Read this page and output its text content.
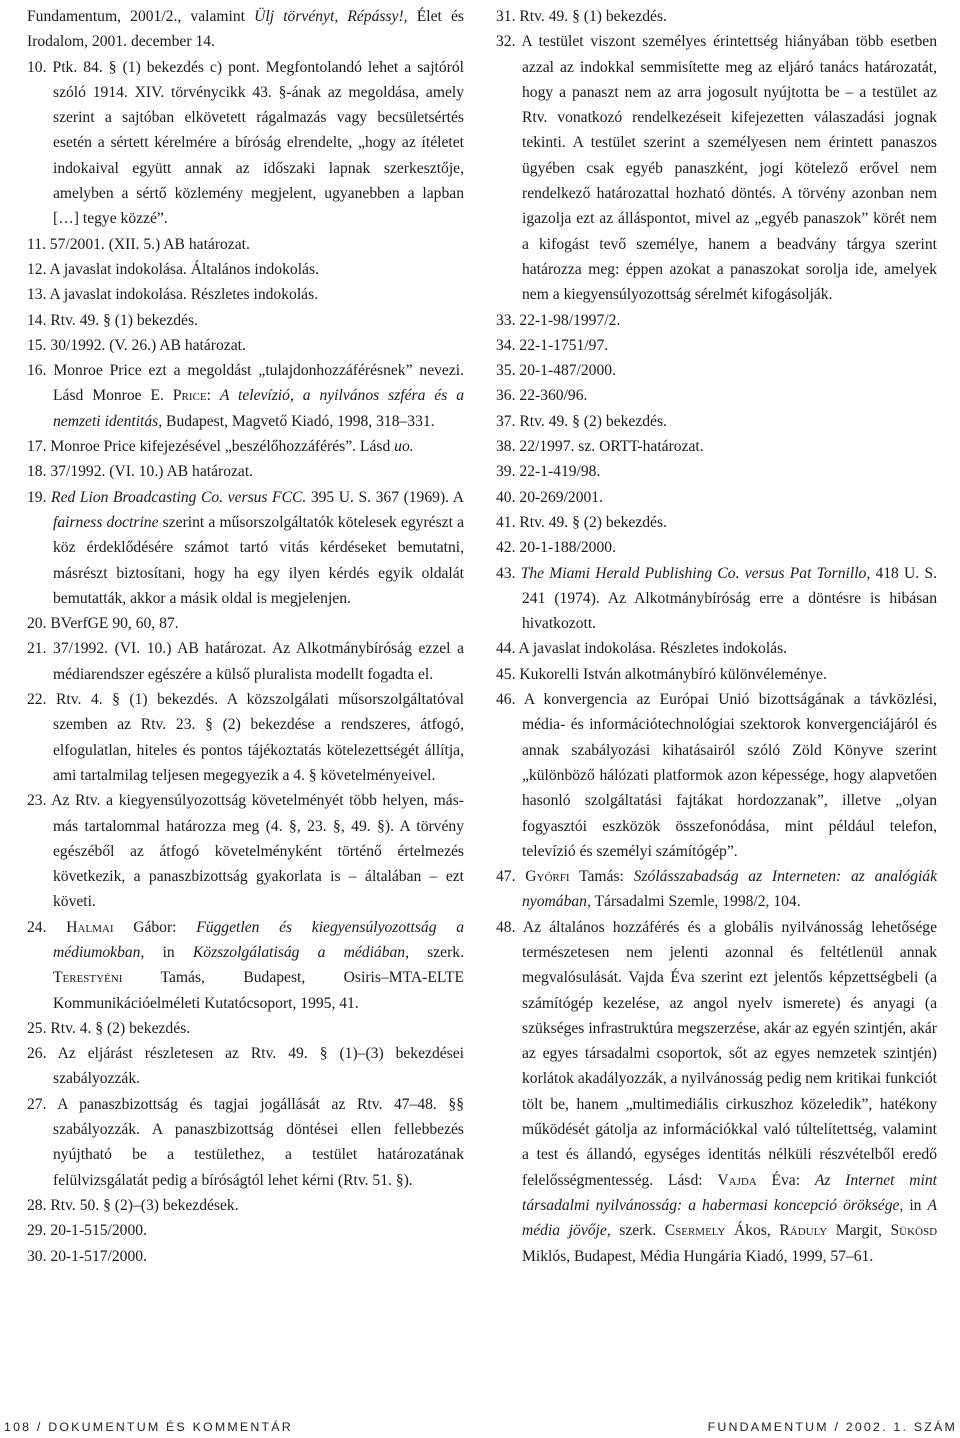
Fundamentum, 2001/2., valamint Ülj törvényt, Répássy!, Élet és Irodalom, 2001. december 14.

10. Ptk. 84. § (1) bekezdés c) pont. Megfontolandó lehet a sajtóról szóló 1914. XIV. törvénycikk 43. §-ának az megoldása, amely szerint a sajtóban elkövetett rágalmazás vagy becsületsértés esetén a sértett kérelmére a bíróság elrendelte, „hogy az ítéletet indokaival együtt annak az időszaki lapnak szerkesztője, amelyben a sértő közlemény megjelent, ugyanebben a lapban […] tegye közzé”.

11. 57/2001. (XII. 5.) AB határozat.

12. A javaslat indokolása. Általános indokolás.

13. A javaslat indokolása. Részletes indokolás.

14. Rtv. 49. § (1) bekezdés.

15. 30/1992. (V. 26.) AB határozat.

16. Monroe Price ezt a megoldást „tulajdonhozzáférésnek” nevezi. Lásd Monroe E. Price: A televízió, a nyilvános szféra és a nemzeti identitás, Budapest, Magvető Kiadó, 1998, 318–331.

17. Monroe Price kifejezésével „beszélőhozzáférés”. Lásd uo.

18. 37/1992. (VI. 10.) AB határozat.

19. Red Lion Broadcasting Co. versus FCC. 395 U. S. 367 (1969). A fairness doctrine szerint a műsorszolgáltatók kötelesek egyrészt a köz érdeklődésére számot tartó vitás kérdéseket bemutatni, másrészt biztosítani, hogy ha egy ilyen kérdés egyik oldalát bemutatták, akkor a másik oldal is megjelenjen.

20. BVerfGE 90, 60, 87.

21. 37/1992. (VI. 10.) AB határozat. Az Alkotmánybíróság ezzel a médiarendszer egészére a külső pluralista modellt fogadta el.

22. Rtv. 4. § (1) bekezdés. A közszolgálati műsorszolgáltatóval szemben az Rtv. 23. § (2) bekezdése a rendszeres, átfogó, elfogulatlan, hiteles és pontos tájékoztatás kötelezettségét állítja, ami tartalmilag teljesen megegyezik a 4. § követelményeivel.

23. Az Rtv. a kiegyensúlyozottság követelményét több helyen, más-más tartalommal határozza meg (4. §, 23. §, 49. §). A törvény egészéből az átfogó követelményként történő értelmezés következik, a panaszbizottság gyakorlata is – általában – ezt követi.

24. Halmai Gábor: Független és kiegyensúlyozottság a médiumokban, in Közszolgálatiság a médiában, szerk. Terestyéni Tamás, Budapest, Osiris–MTA-ELTE Kommunikációelméleti Kutatócsoport, 1995, 41.

25. Rtv. 4. § (2) bekezdés.

26. Az eljárást részletesen az Rtv. 49. § (1)–(3) bekezdései szabályozzák.

27. A panaszbizottság és tagjai jogállását az Rtv. 47–48. §§ szabályozzák. A panaszbizottság döntései ellen fellebbezés nyújtható be a testülethez, a testület határozatának felülvizsgálatát pedig a bíróságtól lehet kérni (Rtv. 51. §).

28. Rtv. 50. § (2)–(3) bekezdések.

29. 20-1-515/2000.

30. 20-1-517/2000.

31. Rtv. 49. § (1) bekezdés.

32. A testület viszont személyes érintettség hiányában több esetben azzal az indokkal semmisítette meg az eljáró tanács határozatát, hogy a panaszt nem az arra jogosult nyújtotta be – a testület az Rtv. vonatkozó rendelkezéseit kifejezetten válaszadási jognak tekinti. A testület szerint a személyesen nem érintett panaszos ügyében csak egyéb panaszként, jogi kötelező erővel nem rendelkező határozattal hozható döntés. A törvény azonban nem igazolja ezt az álláspontot, mivel az „egyéb panaszok” körét nem a kifogást tevő személye, hanem a beadvány tárgya szerint határozza meg: éppen azokat a panaszokat sorolja ide, amelyek nem a kiegyensúlyozottság sérelmét kifogásolják.

33. 22-1-98/1997/2.

34. 22-1-1751/97.

35. 20-1-487/2000.

36. 22-360/96.

37. Rtv. 49. § (2) bekezdés.

38. 22/1997. sz. ORTT-határozat.

39. 22-1-419/98.

40. 20-269/2001.

41. Rtv. 49. § (2) bekezdés.

42. 20-1-188/2000.

43. The Miami Herald Publishing Co. versus Pat Tornillo, 418 U. S. 241 (1974). Az Alkotmánybíróság erre a döntésre is hibásan hivatkozott.

44. A javaslat indokolása. Részletes indokolás.

45. Kukorelli István alkotmánybíró különvéleménye.

46. A konvergencia az Európai Unió bizottságának a távközlési, média- és információtechnológiai szektorok konvergenciájáról és annak szabályozási kihatásairól szóló Zöld Könyve szerint „különböző hálózati platformok azon képessége, hogy alapvetően hasonló szolgáltatási fajtákat hordozzanak”, illetve „olyan fogyasztói eszközök összefonódása, mint például telefon, televízió és személyi számítógép”.

47. Győrfi Tamás: Szólásszabadság az Interneten: az analógiák nyomában, Társadalmi Szemle, 1998/2, 104.

48. Az általános hozzáférés és a globális nyilvánosság lehetősége természetesen nem jelenti azonnal és feltétlenül annak megvalósulását. Vajda Éva szerint ezt jelentős képzettségbeli (a számítógép kezelése, az angol nyelv ismerete) és anyagi (a szükséges infrastruktúra megszerzése, akár az egyén szintjén, akár az egyes társadalmi csoportok, sőt az egyes nemzetek szintjén) korlátok akadályozzák, a nyilvánosság pedig nem kritikai funkciót tölt be, hanem „multimediális cirkuszhoz közeledik”, hatékony működését gátolja az információkkal való túltelítettség, valamint a test és állandó, egységes identitás nélküli részvételből eredő felelősségmentesség. Lásd: Vajda Éva: Az Internet mint társadalmi nyilvánosság: a habermasi koncepció öröksége, in A média jövője, szerk. Csermely Ákos, Ráduly Margit, Sükösd Miklós, Budapest, Média Hungária Kiadó, 1999, 57–61.

108 / DOKUMENTUM ÉS KOMMENTÁR	FUNDAMENTUM / 2002. 1. SZÁM
